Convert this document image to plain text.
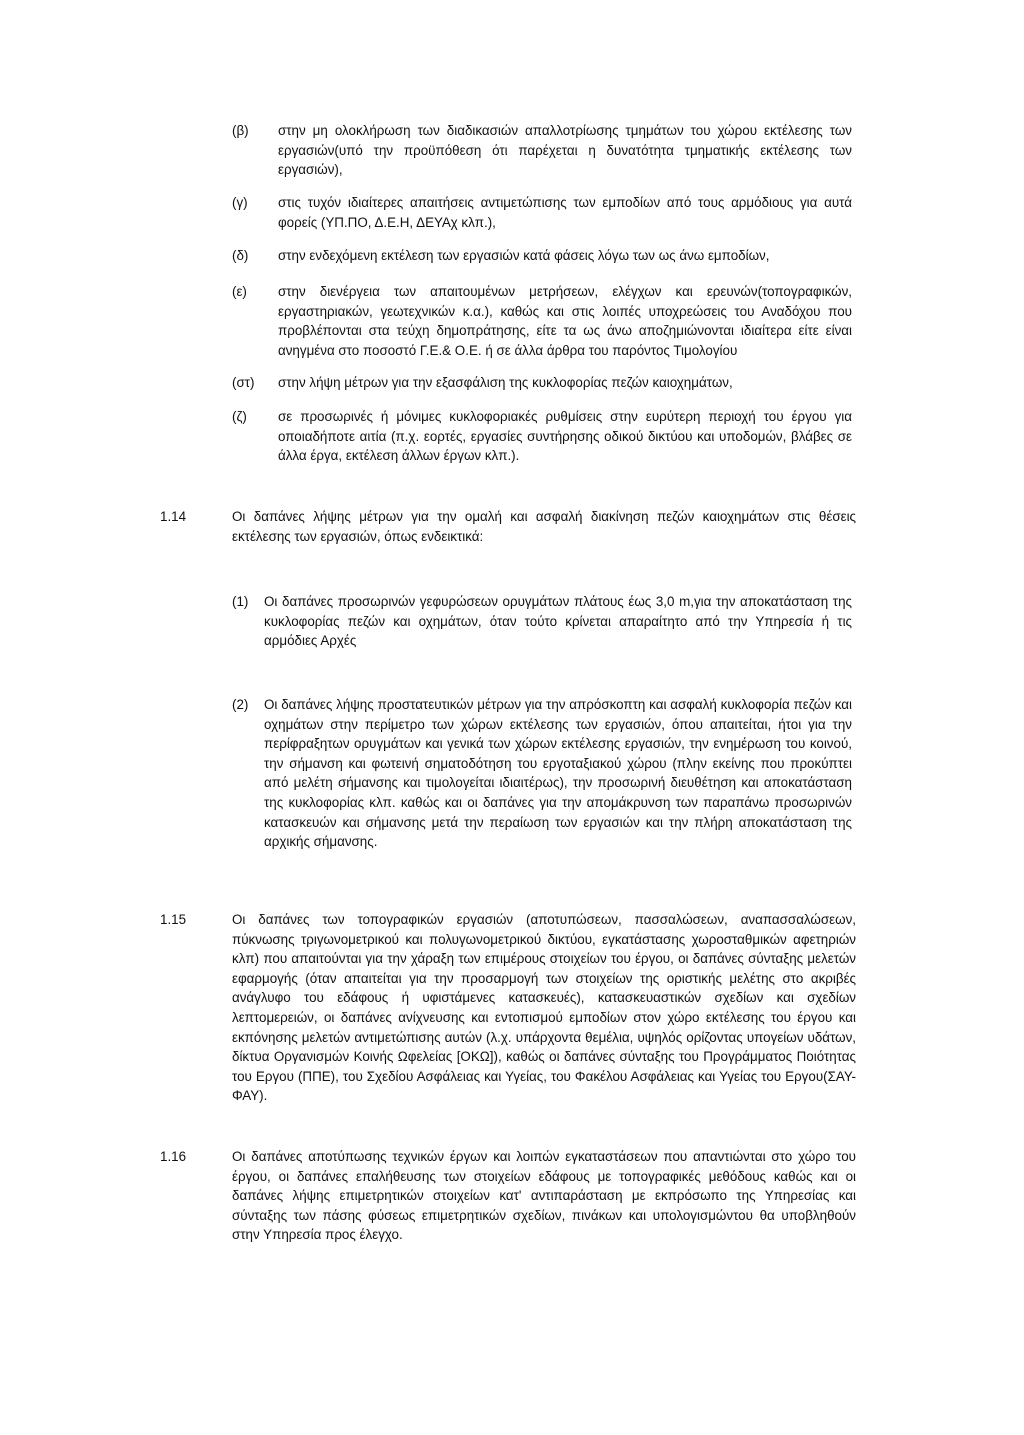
(β)	στην μη ολοκλήρωση των διαδικασιών απαλλοτρίωσης τμημάτων του χώρου εκτέλεσης των εργασιών(υπό την προϋπόθεση ότι παρέχεται η δυνατότητα τμηματικής εκτέλεσης των εργασιών),
(γ)	στις τυχόν ιδιαίτερες απαιτήσεις αντιμετώπισης των εμποδίων από τους αρμόδιους για αυτά φορείς (ΥΠ.ΠΟ, Δ.Ε.Η, ΔΕΥΑχ κλπ.),
(δ)	στην ενδεχόμενη εκτέλεση των εργασιών κατά φάσεις λόγω των ως άνω εμποδίων,
(ε)	στην διενέργεια των απαιτουμένων μετρήσεων, ελέγχων και ερευνών(τοπογραφικών, εργαστηριακών, γεωτεχνικών κ.α.), καθώς και στις λοιπές υποχρεώσεις του Αναδόχου που προβλέπονται στα τεύχη δημοπράτησης, είτε τα ως άνω αποζημιώνονται ιδιαίτερα είτε είναι ανηγμένα στο ποσοστό Γ.Ε.& Ο.Ε. ή σε άλλα άρθρα του παρόντος Τιμολογίου
(στ)	στην λήψη μέτρων για την εξασφάλιση της κυκλοφορίας πεζών καιοχημάτων,
(ζ)	σε προσωρινές ή μόνιμες κυκλοφοριακές ρυθμίσεις στην ευρύτερη περιοχή του έργου για οποιαδήποτε αιτία (π.χ. εορτές, εργασίες συντήρησης οδικού δικτύου και υποδομών, βλάβες σε άλλα έργα, εκτέλεση άλλων έργων κλπ.).
1.14	Οι δαπάνες λήψης μέτρων για την ομαλή και ασφαλή διακίνηση πεζών καιοχημάτων στις θέσεις εκτέλεσης των εργασιών, όπως ενδεικτικά:
(1)	Οι δαπάνες προσωρινών γεφυρώσεων ορυγμάτων πλάτους έως 3,0 m,για την αποκατάσταση της κυκλοφορίας πεζών και οχημάτων, όταν τούτο κρίνεται απαραίτητο από την Υπηρεσία ή τις αρμόδιες Αρχές
(2)	Οι δαπάνες λήψης προστατευτικών μέτρων για την απρόσκοπτη και ασφαλή κυκλοφορία πεζών και οχημάτων στην περίμετρο των χώρων εκτέλεσης των εργασιών, όπου απαιτείται, ήτοι για την περίφραξητων ορυγμάτων και γενικά των χώρων εκτέλεσης εργασιών, την ενημέρωση του κοινού, την σήμανση και φωτεινή σηματοδότηση του εργοταξιακού χώρου (πλην εκείνης που προκύπτει από μελέτη σήμανσης και τιμολογείται ιδιαιτέρως), την προσωρινή διευθέτηση και αποκατάσταση της κυκλοφορίας κλπ. καθώς και οι δαπάνες για την απομάκρυνση των παραπάνω προσωρινών κατασκευών και σήμανσης μετά την περαίωση των εργασιών και την πλήρη αποκατάσταση της αρχικής σήμανσης.
1.15	Οι δαπάνες των τοπογραφικών εργασιών (αποτυπώσεων, πασσαλώσεων, αναπασσαλώσεων, πύκνωσης τριγωνομετρικού και πολυγωνομετρικού δικτύου, εγκατάστασης χωροσταθμικών αφετηριών κλπ) που απαιτούνται για την χάραξη των επιμέρους στοιχείων του έργου, οι δαπάνες σύνταξης μελετών εφαρμογής (όταν απαιτείται για την προσαρμογή των στοιχείων της οριστικής μελέτης στο ακριβές ανάγλυφο του εδάφους ή υφιστάμενες κατασκευές), κατασκευαστικών σχεδίων και σχεδίων λεπτομερειών, οι δαπάνες ανίχνευσης και εντοπισμού εμποδίων στον χώρο εκτέλεσης του έργου και εκπόνησης μελετών αντιμετώπισης αυτών (λ.χ. υπάρχοντα θεμέλια, υψηλός ορίζοντας υπογείων υδάτων, δίκτυα Οργανισμών Κοινής Ωφελείας [ΟΚΩ]), καθώς οι δαπάνες σύνταξης του Προγράμματος Ποιότητας του Εργου (ΠΠΕ), του Σχεδίου Ασφάλειας και Υγείας, του Φακέλου Ασφάλειας και Υγείας του Εργου(ΣΑΥ-ΦΑΥ).
1.16	Οι δαπάνες αποτύπωσης τεχνικών έργων και λοιπών εγκαταστάσεων που απαντιώνται στο χώρο του έργου, οι δαπάνες επαλήθευσης των στοιχείων εδάφους με τοπογραφικές μεθόδους καθώς και οι δαπάνες λήψης επιμετρητικών στοιχείων κατ' αντιπαράσταση με εκπρόσωπο της Υπηρεσίας και σύνταξης των πάσης φύσεως επιμετρητικών σχεδίων, πινάκων και υπολογισμώντου θα υποβληθούν στην Υπηρεσία προς έλεγχο.
